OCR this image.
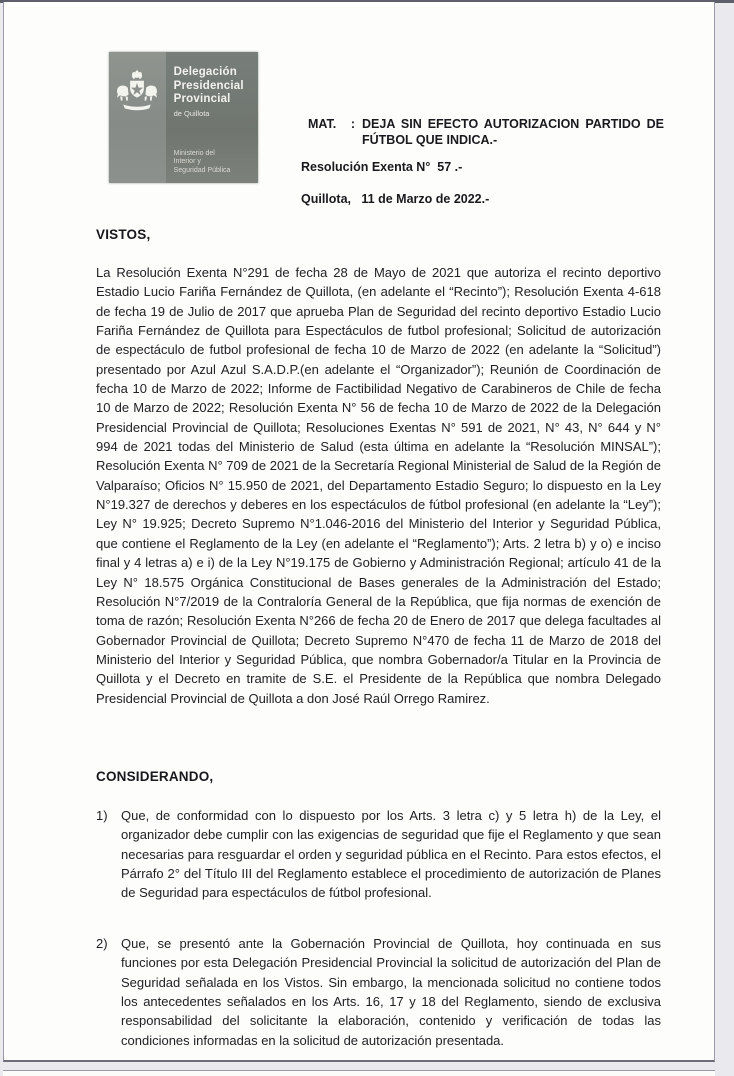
Delegación
Presidencial
Provincial
de Quillota
Ministerio del
Interior y
Seguridad Pública
MAT.	: DEJA SIN EFECTO AUTORIZACION PARTIDO DE FÚTBOL QUE INDICA.-
Resolución Exenta N°  57 .-
Quillota,   11 de Marzo de 2022.-
VISTOS,
La Resolución Exenta N°291 de fecha 28 de Mayo de 2021 que autoriza el recinto deportivo Estadio Lucio Fariña Fernández de Quillota, (en adelante el “Recinto”); Resolución Exenta 4-618 de fecha 19 de Julio de 2017 que aprueba Plan de Seguridad del recinto deportivo Estadio Lucio Fariña Fernández de Quillota para Espectáculos de futbol profesional; Solicitud de autorización de espectáculo de futbol profesional de fecha 10 de Marzo de 2022 (en adelante la “Solicitud”) presentado por Azul Azul S.A.D.P.(en adelante el “Organizador”); Reunión de Coordinación de fecha 10 de Marzo de 2022; Informe de Factibilidad Negativo de Carabineros de Chile de fecha 10 de Marzo de 2022; Resolución Exenta N° 56 de fecha 10 de Marzo de 2022 de la Delegación Presidencial Provincial de Quillota; Resoluciones Exentas N° 591 de 2021, N° 43, N° 644 y N° 994 de 2021 todas del Ministerio de Salud (esta última en adelante la “Resolución MINSAL”); Resolución Exenta N° 709 de 2021 de la Secretaría Regional Ministerial de Salud de la Región de Valparaíso; Oficios N° 15.950 de 2021, del Departamento Estadio Seguro; lo dispuesto en la Ley N°19.327 de derechos y deberes en los espectáculos de fútbol profesional (en adelante la “Ley”); Ley N° 19.925; Decreto Supremo N°1.046-2016 del Ministerio del Interior y Seguridad Pública, que contiene el Reglamento de la Ley (en adelante el “Reglamento”); Arts. 2 letra b) y o) e inciso final y 4 letras a) e i) de la Ley N°19.175 de Gobierno y Administración Regional; artículo 41 de la Ley N° 18.575 Orgánica Constitucional de Bases generales de la Administración del Estado; Resolución N°7/2019 de la Contraloría General de la República, que fija normas de exención de toma de razón; Resolución Exenta N°266 de fecha 20 de Enero de 2017 que delega facultades al Gobernador Provincial de Quillota; Decreto Supremo N°470 de fecha 11 de Marzo de 2018 del Ministerio del Interior y Seguridad Pública, que nombra Gobernador/a Titular en la Provincia de Quillota y el Decreto en tramite de S.E. el Presidente de la República que nombra Delegado Presidencial Provincial de Quillota a don José Raúl Orrego Ramirez.
CONSIDERANDO,
1)	Que, de conformidad con lo dispuesto por los Arts. 3 letra c) y 5 letra h) de la Ley, el organizador debe cumplir con las exigencias de seguridad que fije el Reglamento y que sean necesarias para resguardar el orden y seguridad pública en el Recinto. Para estos efectos, el Párrafo 2° del Título III del Reglamento establece el procedimiento de autorización de Planes de Seguridad para espectáculos de fútbol profesional.
2)	Que, se presentó ante la Gobernación Provincial de Quillota, hoy continuada en sus funciones por esta Delegación Presidencial Provincial la solicitud de autorización del Plan de Seguridad señalada en los Vistos. Sin embargo, la mencionada solicitud no contiene todos los antecedentes señalados en los Arts. 16, 17 y 18 del Reglamento, siendo de exclusiva responsabilidad del solicitante la elaboración, contenido y verificación de todas las condiciones informadas en la solicitud de autorización presentada.
